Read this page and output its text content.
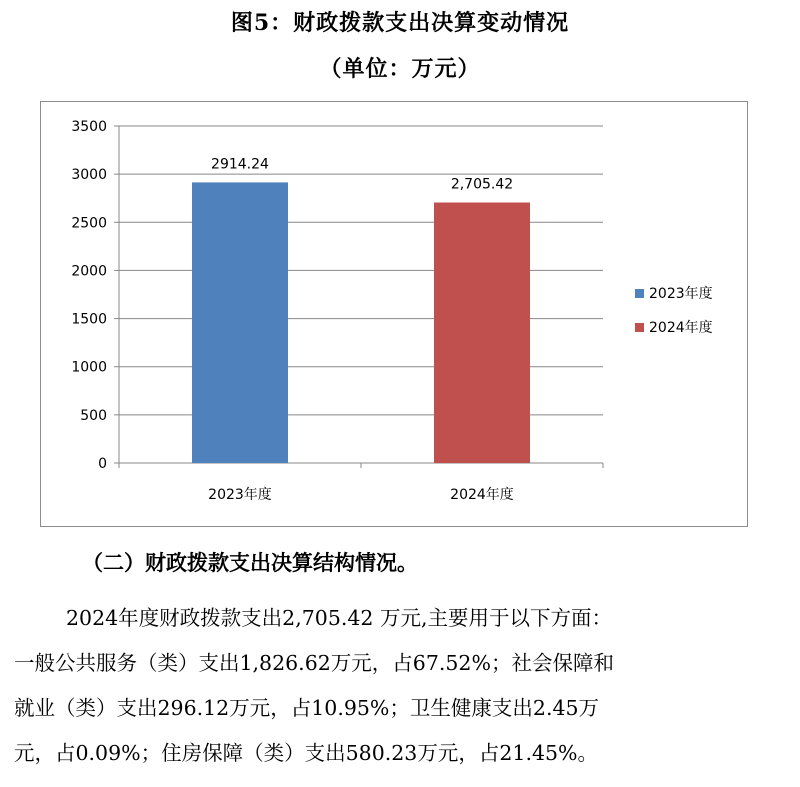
图5：财政拨款支出决算变动情况
（单位：万元）
0
500
1000
1500
2000
2500
3000
3500
2914.24
2023年度
2,705.42
2024年度
2023年度
2024年度
（二）财政拨款支出决算结构情况。
2024年度财政拨款支出2,705.42 万元,主要用于以下方面：
一般公共服务（类）支出1,826.62万元，占67.52%；社会保障和
就业（类）支出296.12万元，占10.95%；卫生健康支出2.45万
元，占0.09%；住房保障（类）支出580.23万元，占21.45%。
